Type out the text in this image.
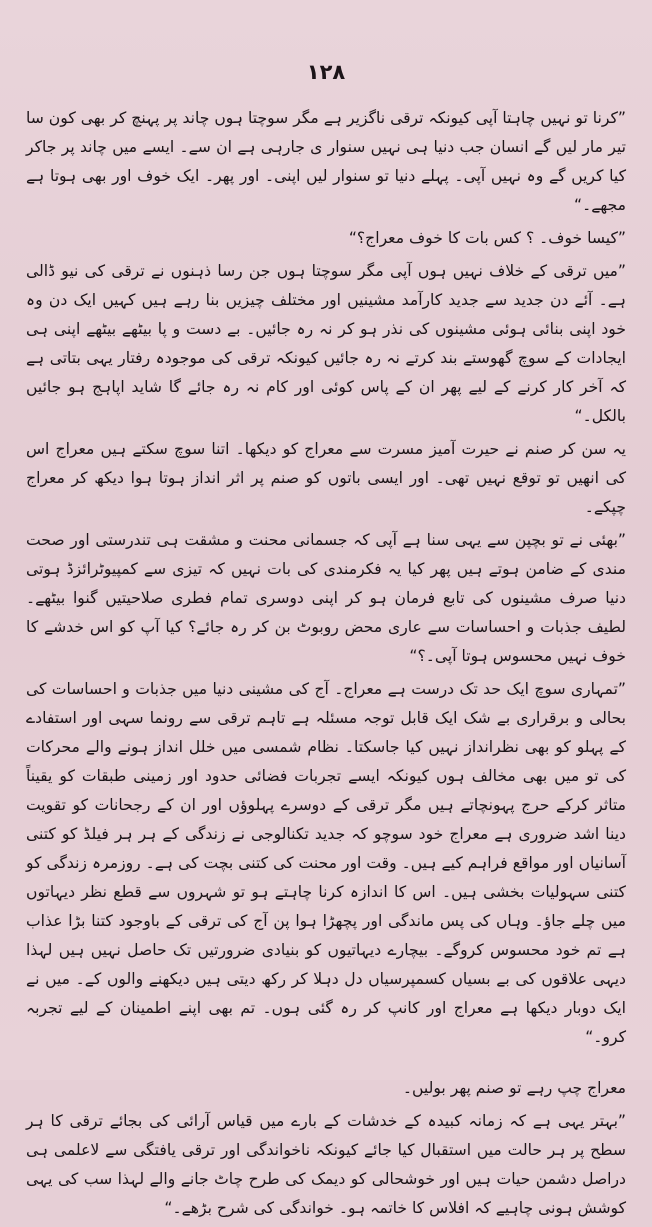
١٢٨

”کرنا تو نہیں چاہتا آپی کیونکہ ترقی ناگزیر ہے مگر سوچتا ہوں چاند پر پہنچ کر بھی کون سا تیر مار لیں گے انسان جب دنیا ہی نہیں سنوار ی جارہی ہے ان سے۔ ایسے میں چاند پر جاکر کیا کریں گے وہ نہیں آپی۔ پہلے دنیا تو سنوار لیں اپنی۔ اور پھر۔ ایک خوف اور بھی ہوتا ہے مجھے۔“

”کیسا خوف۔ ؟ کس بات کا خوف معراج؟“

”میں ترقی کے خلاف نہیں ہوں آپی مگر سوچتا ہوں جن رسا ذہنوں نے ترقی کی نیو ڈالی ہے۔ آئے دن جدید سے جدید کارآمد مشینیں اور مختلف چیزیں بنا رہے ہیں کہیں ایک دن وہ خود اپنی بنائی ہوئی مشینوں کی نذر ہو کر نہ رہ جائیں۔ بے دست و پا بیٹھے بیٹھے اپنی ہی ایجادات کے سوچ گھوستے بند کرتے نہ رہ جائیں کیونکہ ترقی کی موجودہ رفتار یہی بتاتی ہے کہ آخر کار کرنے کے لیے پھر ان کے پاس کوئی اور کام نہ رہ جائے گا شاید اپاہج ہو جائیں بالکل۔“

یہ سن کر صنم نے حیرت آمیز مسرت سے معراج کو دیکھا۔ اتنا سوچ سکتے ہیں معراج اس کی انھیں تو توقع نہیں تھی۔ اور ایسی باتوں کو صنم پر اثر انداز ہوتا ہوا دیکھ کر معراج چپکے۔

”بھئی نے تو بچپن سے یہی سنا ہے آپی کہ جسمانی محنت و مشقت ہی تندرستی اور صحت مندی کے ضامن ہوتے ہیں پھر کیا یہ فکرمندی کی بات نہیں کہ تیزی سے کمپیوٹرائزڈ ہوتی دنیا صرف مشینوں کی تابع فرمان ہو کر اپنی دوسری تمام فطری صلاحیتیں گنوا بیٹھے۔ لطیف جذبات و احساسات سے عاری محض روبوٹ بن کر رہ جائے؟ کیا آپ کو اس خدشے کا خوف نہیں محسوس ہوتا آپی۔؟“

”تمہاری سوچ ایک حد تک درست ہے معراج۔ آج کی مشینی دنیا میں جذبات و احساسات کی بحالی و برقراری بے شک ایک قابل توجہ مسئلہ ہے تاہم ترقی سے رونما سہی اور استفادے کے پہلو کو بھی نظرانداز نہیں کیا جاسکتا۔ نظام شمسی میں خلل انداز ہونے والے محرکات کی تو میں بھی مخالف ہوں کیونکہ ایسے تجربات فضائی حدود اور زمینی طبقات کو یقیناً متاثر کرکے حرج پہونچاتے ہیں مگر ترقی کے دوسرے پہلوؤں اور ان کے رجحانات کو تقویت دینا اشد ضروری ہے معراج خود سوچو کہ جدید تکنالوجی نے زندگی کے ہر ہر فیلڈ کو کتنی آسانیاں اور مواقع فراہم کیے ہیں۔ وقت اور محنت کی کتنی بچت کی ہے۔ روزمرہ زندگی کو کتنی سہولیات بخشی ہیں۔ اس کا اندازہ کرنا چاہتے ہو تو شہروں سے قطع نظر دیہاتوں میں چلے جاؤ۔ وہاں کی پس ماندگی اور پچھڑا ہوا پن آج کی ترقی کے باوجود کتنا بڑا عذاب ہے تم خود محسوس کروگے۔ بیچارے دیہاتیوں کو بنیادی ضرورتیں تک حاصل نہیں ہیں لہذا دیہی علاقوں کی بے بسیاں کسمپرسیاں دل دہلا کر رکھ دیتی ہیں دیکھنے والوں کے۔ میں نے ایک دوبار دیکھا ہے معراج اور کانپ کر رہ گئی ہوں۔ تم بھی اپنے اطمینان کے لیے تجربہ کرو۔“

معراج چپ رہے تو صنم پھر بولیں۔

”بہتر یہی ہے کہ زمانہ کبیدہ کے خدشات کے بارے میں قیاس آرائی کی بجائے ترقی کا ہر سطح پر ہر حالت میں استقبال کیا جائے کیونکہ ناخواندگی اور ترقی یافتگی سے لاعلمی ہی دراصل دشمن حیات ہیں اور خوشحالی کو دیمک کی طرح چاٹ جانے والے لہذا سب کی یہی کوشش ہونی چاہیے کہ افلاس کا خاتمہ ہو۔ خواندگی کی شرح بڑھے۔“
